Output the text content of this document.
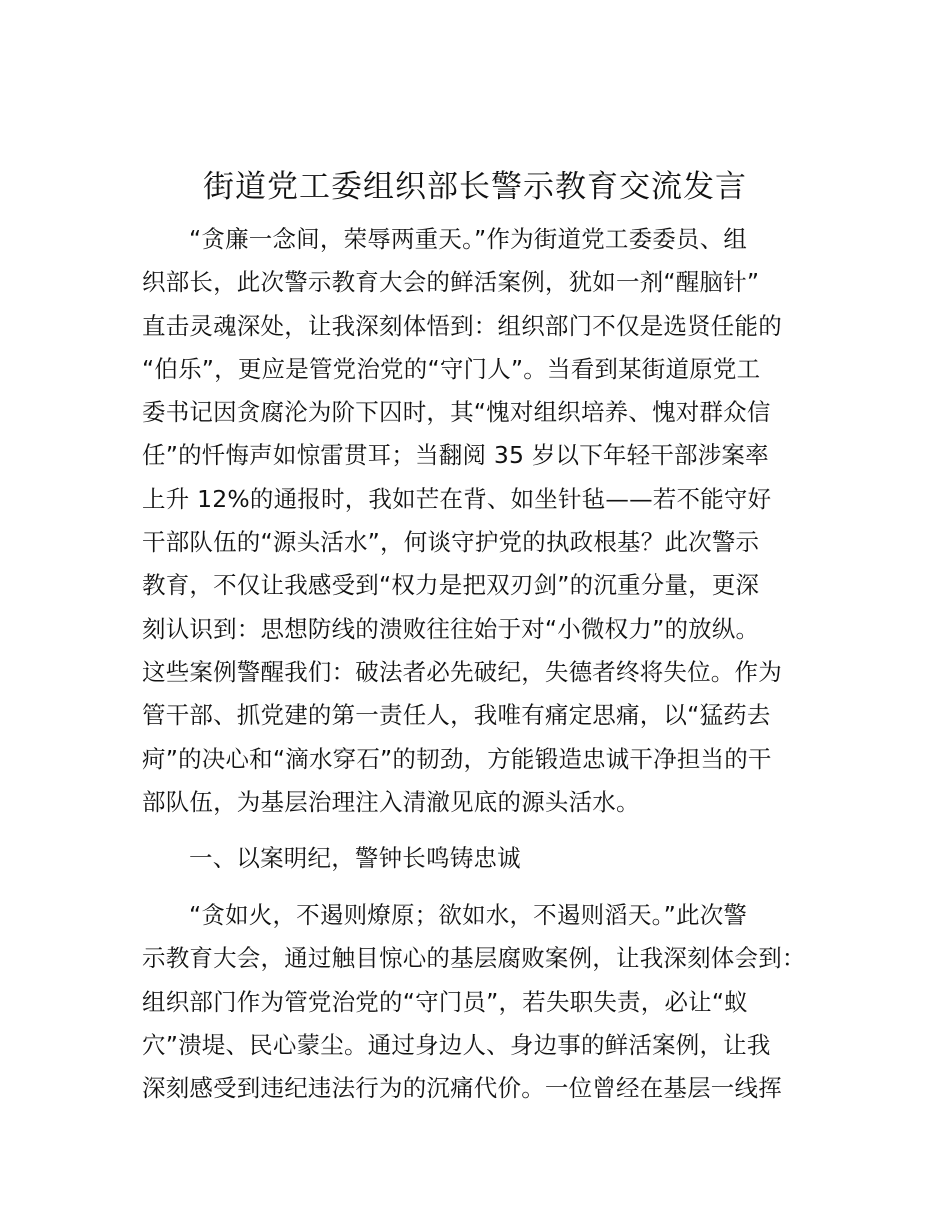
街道党工委组织部长警示教育交流发言
“贪廉一念间，荣辱两重天。”作为街道党工委委员、组
织部长，此次警示教育大会的鲜活案例，犹如一剂“醒脑针”
直击灵魂深处，让我深刻体悟到：组织部门不仅是选贤任能的
“伯乐”，更应是管党治党的“守门人”。当看到某街道原党工
委书记因贪腐沦为阶下囚时，其“愧对组织培养、愧对群众信
任”的忏悔声如惊雷贯耳；当翻阅 35 岁以下年轻干部涉案率
上升 12%的通报时，我如芒在背、如坐针毡——若不能守好
干部队伍的“源头活水”，何谈守护党的执政根基？此次警示
教育，不仅让我感受到“权力是把双刃剑”的沉重分量，更深
刻认识到：思想防线的溃败往往始于对“小微权力”的放纵。
这些案例警醒我们：破法者必先破纪，失德者终将失位。作为
管干部、抓党建的第一责任人，我唯有痛定思痛，以“猛药去
疴”的决心和“滴水穿石”的韧劲，方能锻造忠诚干净担当的干
部队伍，为基层治理注入清澈见底的源头活水。
一、以案明纪，警钟长鸣铸忠诚
“贪如火，不遏则燎原；欲如水，不遏则滔天。”此次警
示教育大会，通过触目惊心的基层腐败案例，让我深刻体会到：
组织部门作为管党治党的“守门员”，若失职失责，必让“蚁
穴”溃堤、民心蒙尘。通过身边人、身边事的鲜活案例，让我
深刻感受到违纪违法行为的沉痛代价。一位曾经在基层一线挥
